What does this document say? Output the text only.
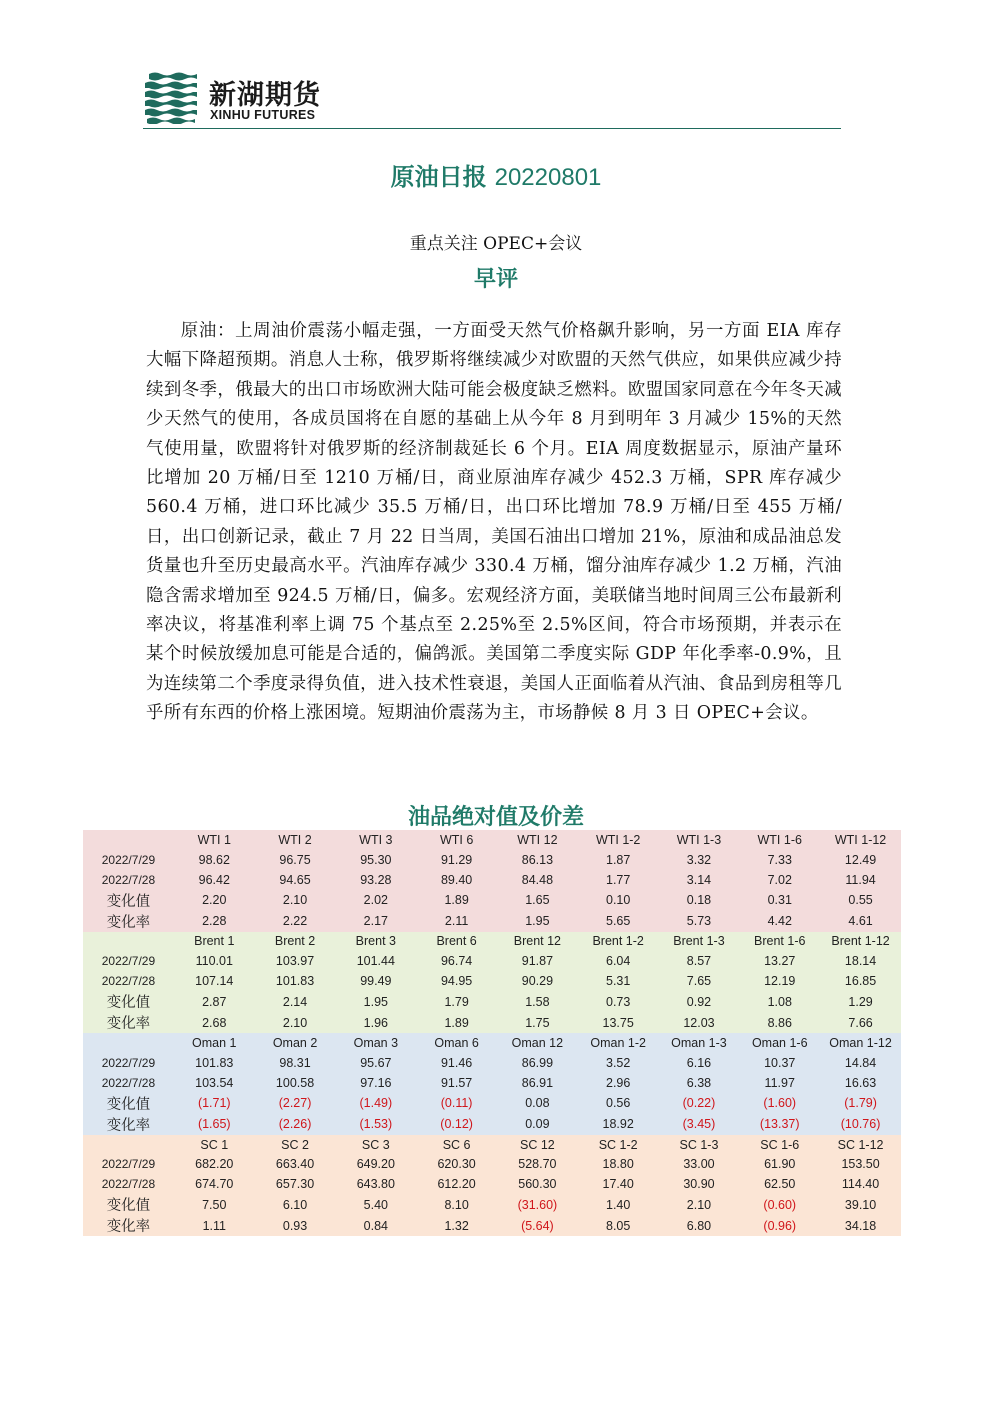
新湖期货
XINHU FUTURES
原油日报 20220801
重点关注 OPEC+会议
早评

原油：上周油价震荡小幅走强，一方面受天然气价格飙升影响，另一方面 EIA 库存大幅下降超预期。消息人士称，俄罗斯将继续减少对欧盟的天然气供应，如果供应减少持续到冬季，俄最大的出口市场欧洲大陆可能会极度缺乏燃料。欧盟国家同意在今年冬天减少天然气的使用，各成员国将在自愿的基础上从今年 8 月到明年 3 月减少 15%的天然气使用量，欧盟将针对俄罗斯的经济制裁延长 6 个月。EIA 周度数据显示，原油产量环比增加 20 万桶/日至 1210 万桶/日，商业原油库存减少 452.3 万桶，SPR 库存减少 560.4 万桶，进口环比减少 35.5 万桶/日，出口环比增加 78.9 万桶/日至 455 万桶/日，出口创新记录，截止 7 月 22 日当周，美国石油出口增加 21%，原油和成品油总发货量也升至历史最高水平。汽油库存减少 330.4 万桶，馏分油库存减少 1.2 万桶，汽油隐含需求增加至 924.5 万桶/日，偏多。宏观经济方面，美联储当地时间周三公布最新利率决议，将基准利率上调 75 个基点至 2.25%至 2.5%区间，符合市场预期，并表示在某个时候放缓加息可能是合适的，偏鸽派。美国第二季度实际 GDP 年化季率-0.9%，且为连续第二个季度录得负值，进入技术性衰退，美国人正面临着从汽油、食品到房租等几乎所有东西的价格上涨困境。短期油价震荡为主，市场静候 8 月 3 日 OPEC+会议。

油品绝对值及价差
	WTI 1	WTI 2	WTI 3	WTI 6	WTI 12	WTI 1-2	WTI 1-3	WTI 1-6	WTI 1-12
2022/7/29	98.62	96.75	95.30	91.29	86.13	1.87	3.32	7.33	12.49
2022/7/28	96.42	94.65	93.28	89.40	84.48	1.77	3.14	7.02	11.94
变化值	2.20	2.10	2.02	1.89	1.65	0.10	0.18	0.31	0.55
变化率	2.28	2.22	2.17	2.11	1.95	5.65	5.73	4.42	4.61
	Brent 1	Brent 2	Brent 3	Brent 6	Brent 12	Brent 1-2	Brent 1-3	Brent 1-6	Brent 1-12
2022/7/29	110.01	103.97	101.44	96.74	91.87	6.04	8.57	13.27	18.14
2022/7/28	107.14	101.83	99.49	94.95	90.29	5.31	7.65	12.19	16.85
变化值	2.87	2.14	1.95	1.79	1.58	0.73	0.92	1.08	1.29
变化率	2.68	2.10	1.96	1.89	1.75	13.75	12.03	8.86	7.66
	Oman 1	Oman 2	Oman 3	Oman 6	Oman 12	Oman 1-2	Oman 1-3	Oman 1-6	Oman 1-12
2022/7/29	101.83	98.31	95.67	91.46	86.99	3.52	6.16	10.37	14.84
2022/7/28	103.54	100.58	97.16	91.57	86.91	2.96	6.38	11.97	16.63
变化值	(1.71)	(2.27)	(1.49)	(0.11)	0.08	0.56	(0.22)	(1.60)	(1.79)
变化率	(1.65)	(2.26)	(1.53)	(0.12)	0.09	18.92	(3.45)	(13.37)	(10.76)
	SC 1	SC 2	SC 3	SC 6	SC 12	SC 1-2	SC 1-3	SC 1-6	SC 1-12
2022/7/29	682.20	663.40	649.20	620.30	528.70	18.80	33.00	61.90	153.50
2022/7/28	674.70	657.30	643.80	612.20	560.30	17.40	30.90	62.50	114.40
变化值	7.50	6.10	5.40	8.10	(31.60)	1.40	2.10	(0.60)	39.10
变化率	1.11	0.93	0.84	1.32	(5.64)	8.05	6.80	(0.96)	34.18
